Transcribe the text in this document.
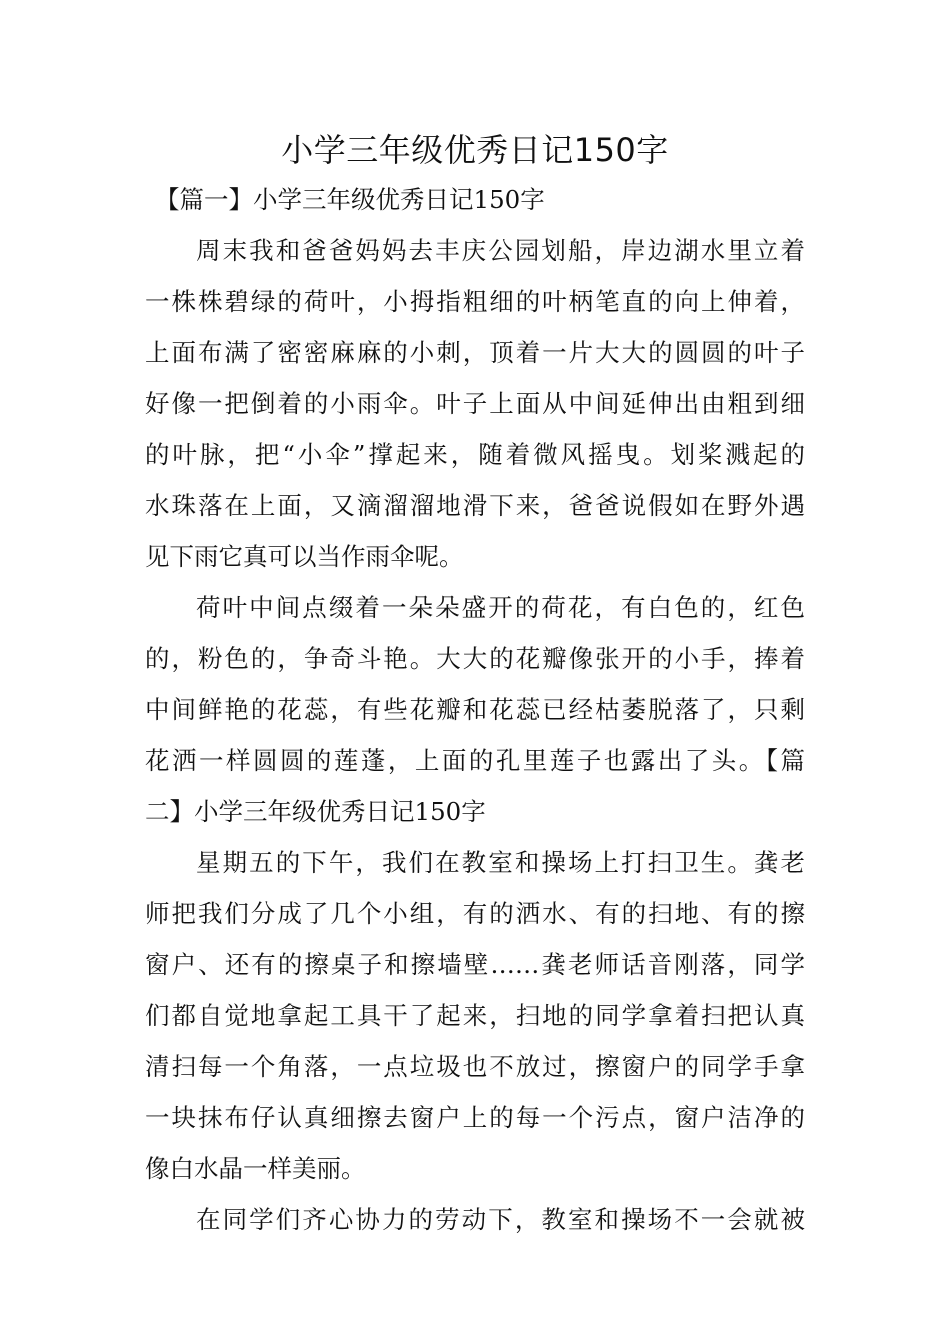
小学三年级优秀日记150字
【篇一】小学三年级优秀日记150字
周末我和爸爸妈妈去丰庆公园划船，岸边湖水里立着
一株株碧绿的荷叶，小拇指粗细的叶柄笔直的向上伸着，
上面布满了密密麻麻的小刺，顶着一片大大的圆圆的叶子
好像一把倒着的小雨伞。叶子上面从中间延伸出由粗到细
的叶脉，把“小伞”撑起来，随着微风摇曳。划桨溅起的
水珠落在上面，又滴溜溜地滑下来，爸爸说假如在野外遇
见下雨它真可以当作雨伞呢。
荷叶中间点缀着一朵朵盛开的荷花，有白色的，红色
的，粉色的，争奇斗艳。大大的花瓣像张开的小手，捧着
中间鲜艳的花蕊，有些花瓣和花蕊已经枯萎脱落了，只剩
花洒一样圆圆的莲蓬，上面的孔里莲子也露出了头。【篇
二】小学三年级优秀日记150字
星期五的下午，我们在教室和操场上打扫卫生。龚老
师把我们分成了几个小组，有的洒水、有的扫地、有的擦
窗户、还有的擦桌子和擦墙壁……龚老师话音刚落，同学
们都自觉地拿起工具干了起来，扫地的同学拿着扫把认真
清扫每一个角落，一点垃圾也不放过，擦窗户的同学手拿
一块抹布仔认真细擦去窗户上的每一个污点，窗户洁净的
像白水晶一样美丽。
在同学们齐心协力的劳动下，教室和操场不一会就被
